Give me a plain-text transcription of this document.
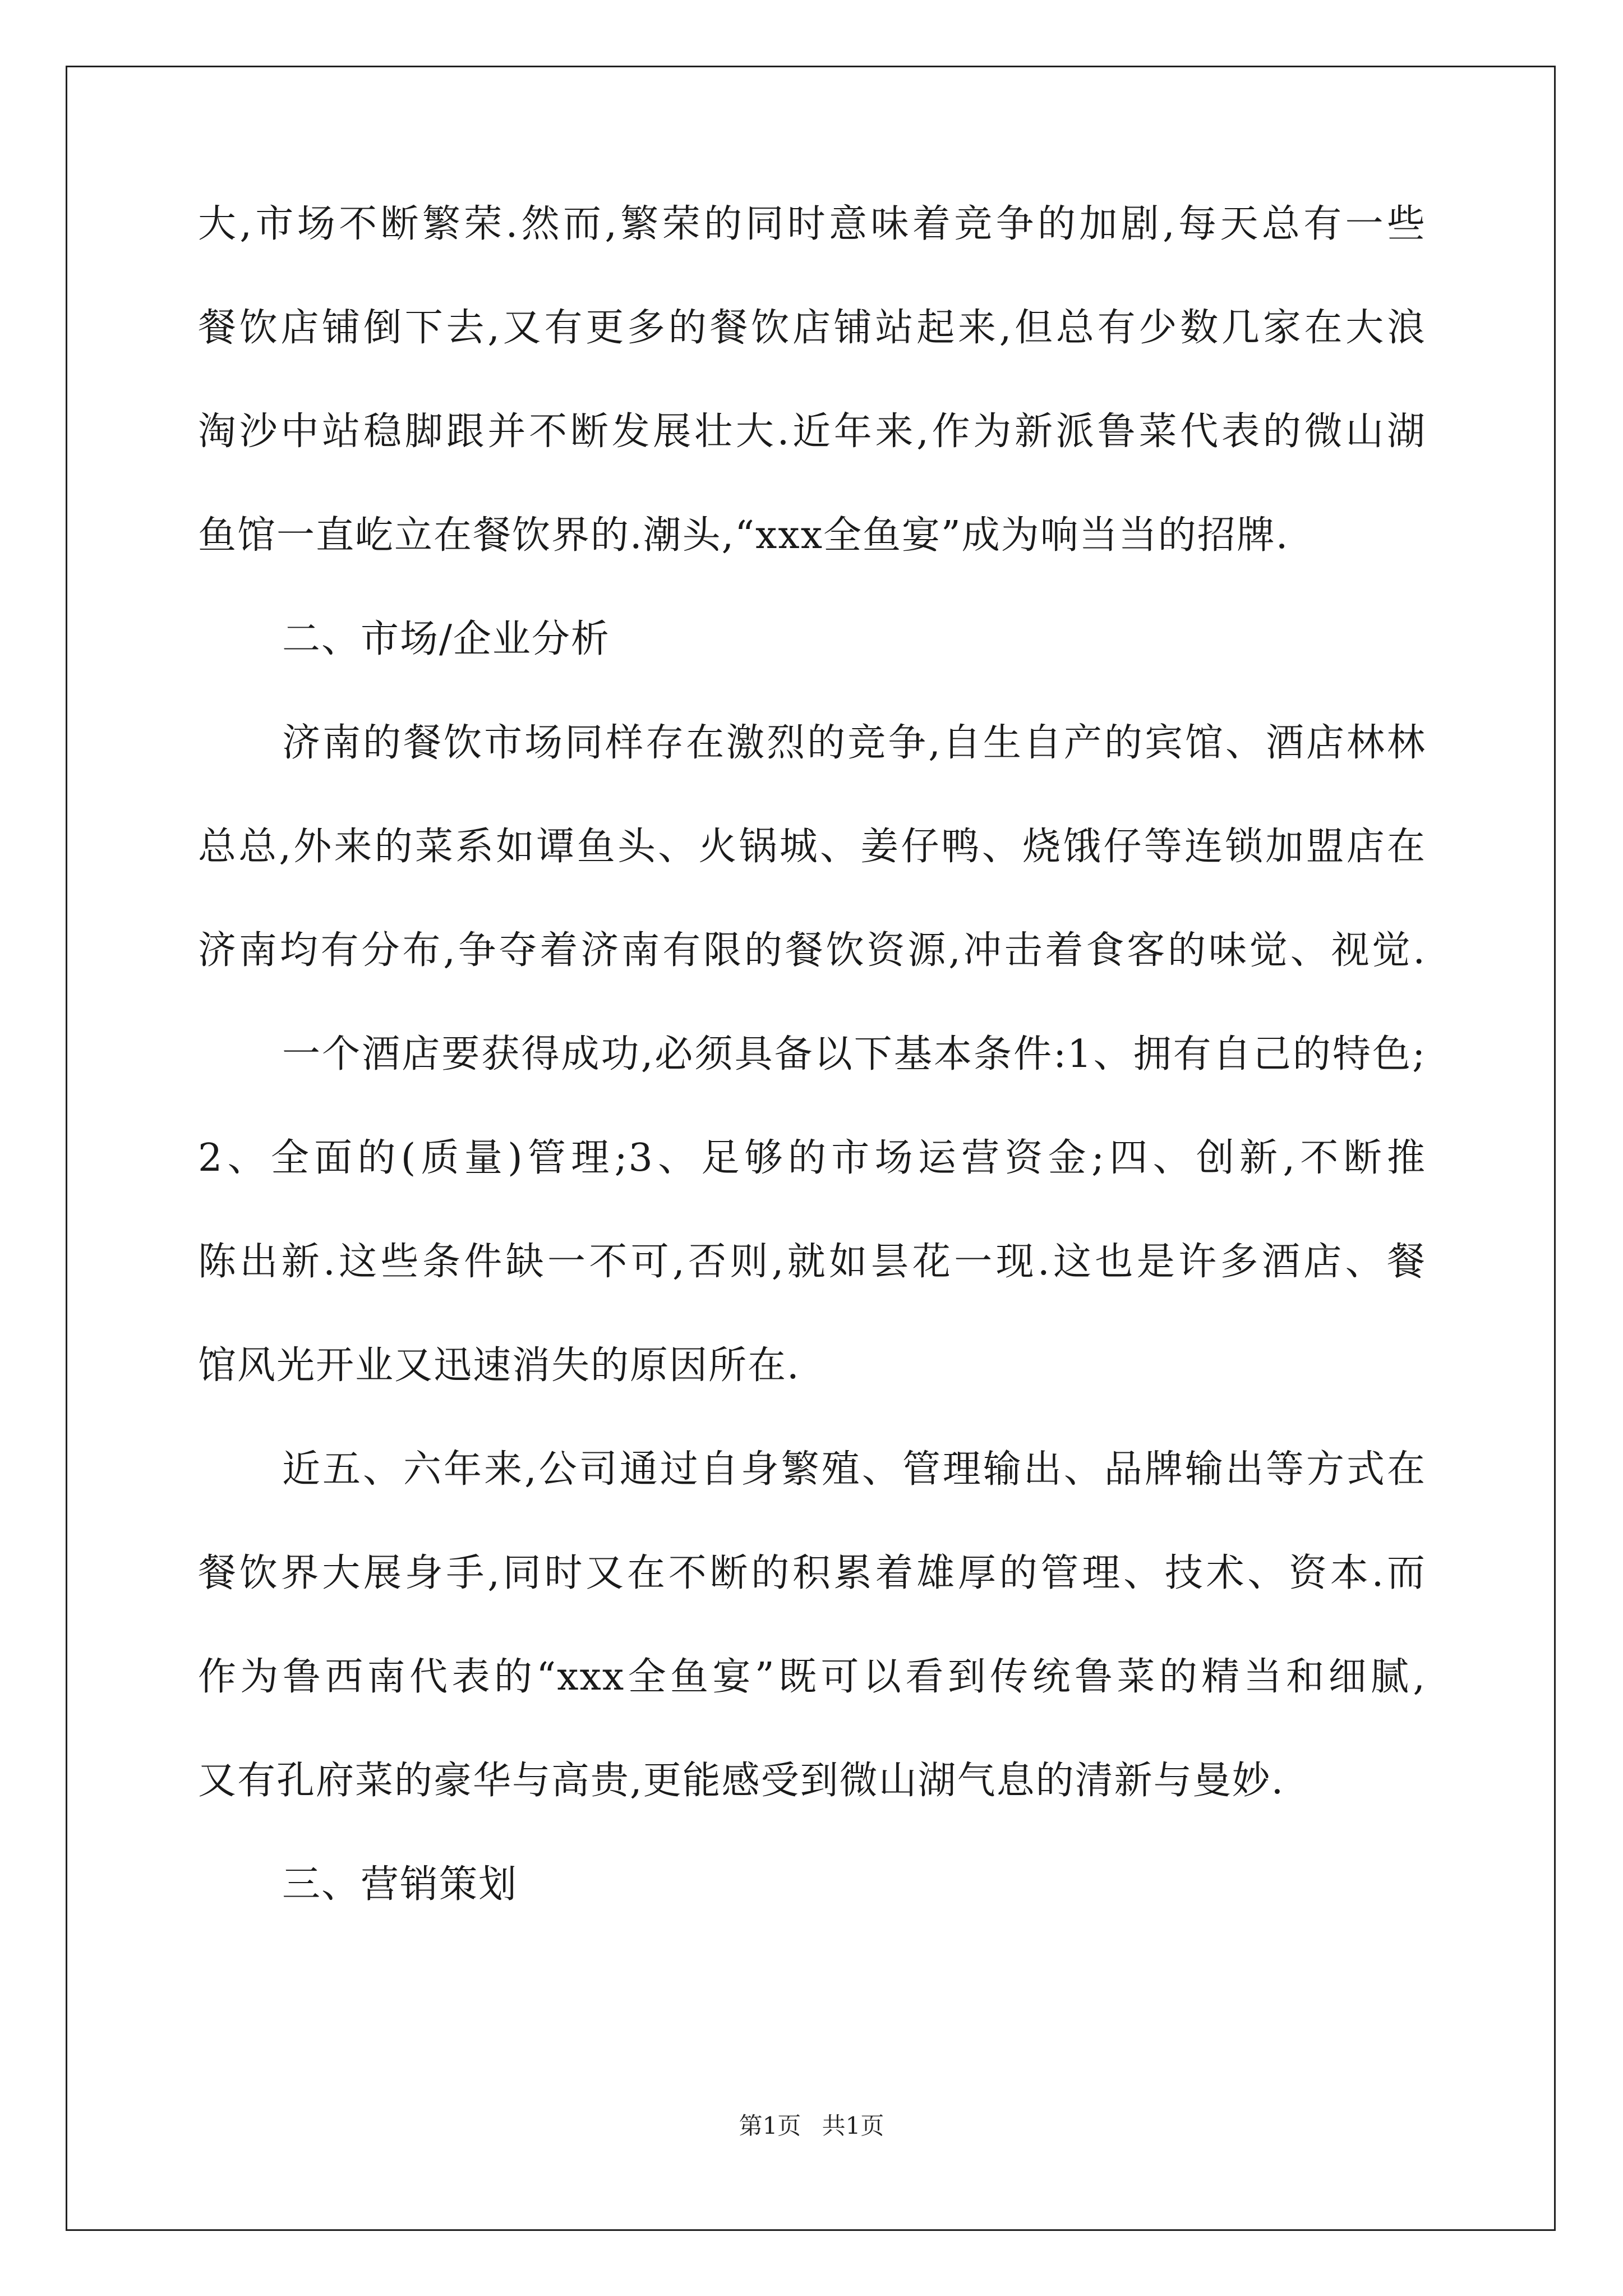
大,市场不断繁荣.然而,繁荣的同时意味着竞争的加剧,每天总有一些
餐饮店铺倒下去,又有更多的餐饮店铺站起来,但总有少数几家在大浪
淘沙中站稳脚跟并不断发展壮大.近年来,作为新派鲁菜代表的微山湖
鱼馆一直屹立在餐饮界的.潮头,“xxx全鱼宴”成为响当当的招牌.
二、市场/企业分析
济南的餐饮市场同样存在激烈的竞争,自生自产的宾馆、酒店林林
总总,外来的菜系如谭鱼头、火锅城、姜仔鸭、烧饿仔等连锁加盟店在
济南均有分布,争夺着济南有限的餐饮资源,冲击着食客的味觉、视觉.
一个酒店要获得成功,必须具备以下基本条件:1、拥有自己的特色;
2、全面的(质量)管理;3、足够的市场运营资金;四、创新,不断推
陈出新.这些条件缺一不可,否则,就如昙花一现.这也是许多酒店、餐
馆风光开业又迅速消失的原因所在.
近五、六年来,公司通过自身繁殖、管理输出、品牌输出等方式在
餐饮界大展身手,同时又在不断的积累着雄厚的管理、技术、资本.而
作为鲁西南代表的“xxx全鱼宴”既可以看到传统鲁菜的精当和细腻,
又有孔府菜的豪华与高贵,更能感受到微山湖气息的清新与曼妙.
三、营销策划
第1页 共1页
